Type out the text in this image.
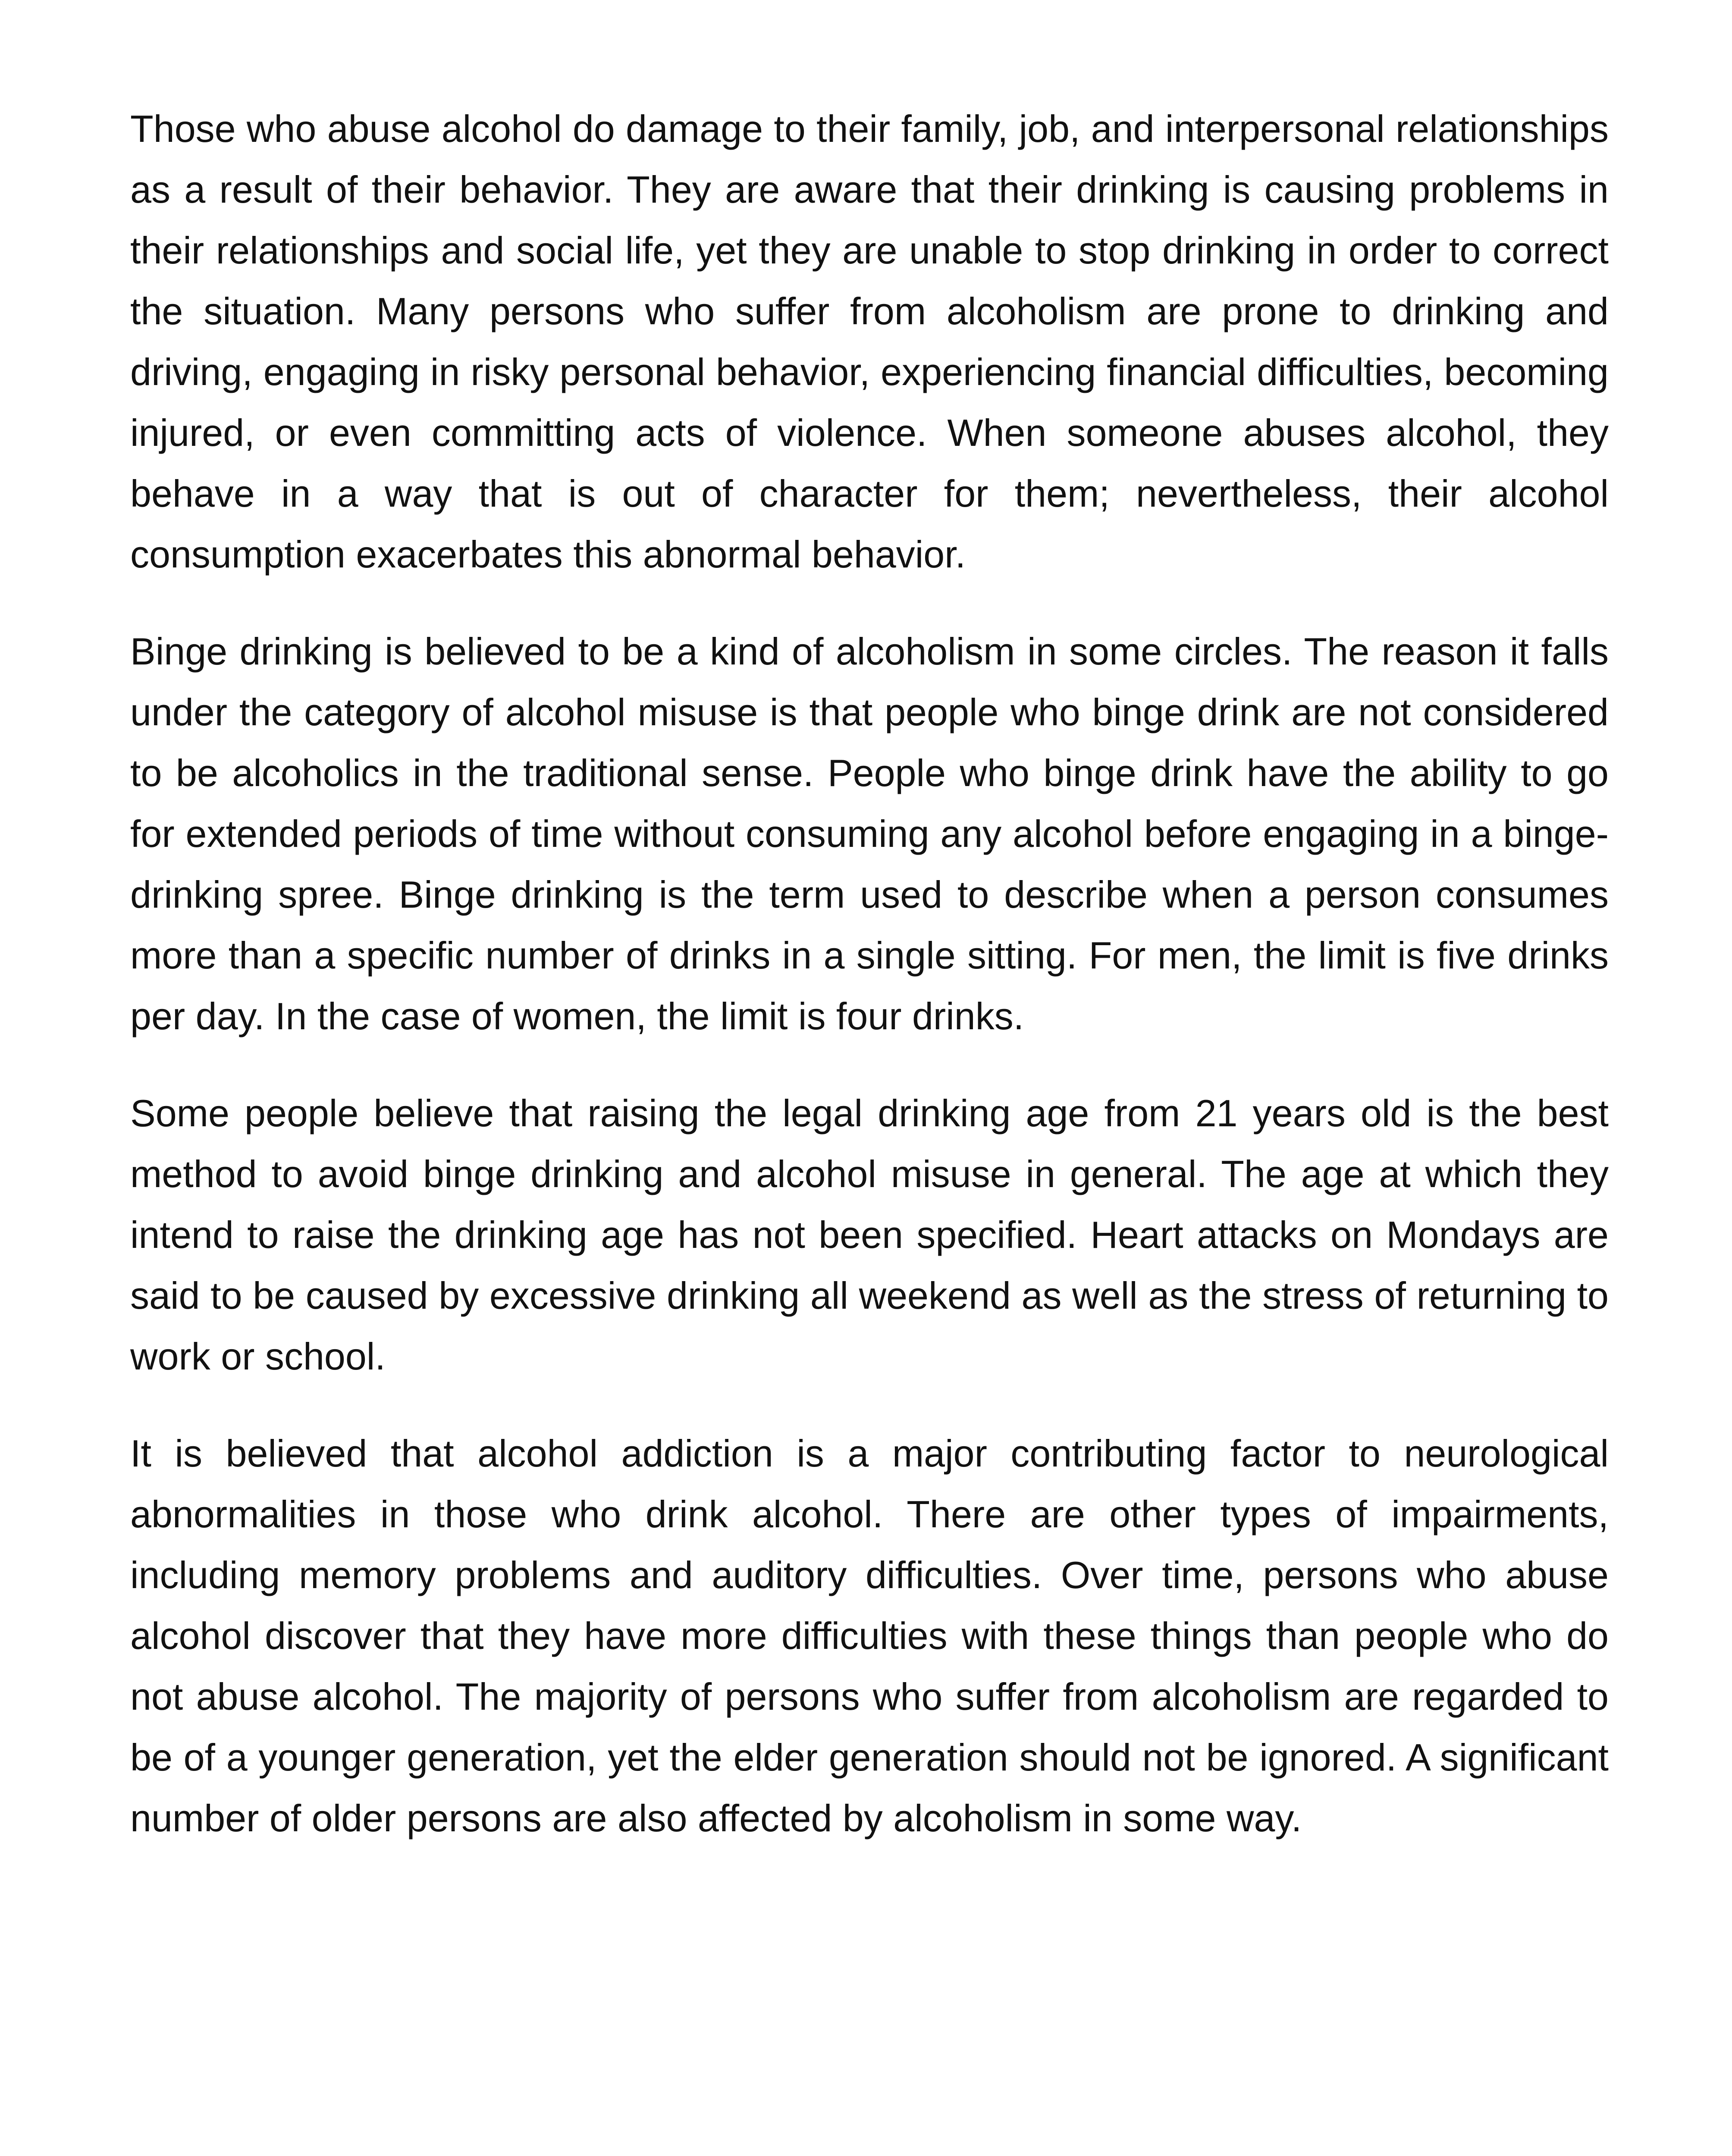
Those who abuse alcohol do damage to their family, job, and interpersonal relationships as a result of their behavior. They are aware that their drinking is causing problems in their relationships and social life, yet they are unable to stop drinking in order to correct the situation. Many persons who suffer from alcoholism are prone to drinking and driving, engaging in risky personal behavior, experiencing financial difficulties, becoming injured, or even committing acts of violence. When someone abuses alcohol, they behave in a way that is out of character for them; nevertheless, their alcohol consumption exacerbates this abnormal behavior.

Binge drinking is believed to be a kind of alcoholism in some circles. The reason it falls under the category of alcohol misuse is that people who binge drink are not considered to be alcoholics in the traditional sense. People who binge drink have the ability to go for extended periods of time without consuming any alcohol before engaging in a binge-drinking spree. Binge drinking is the term used to describe when a person consumes more than a specific number of drinks in a single sitting. For men, the limit is five drinks per day. In the case of women, the limit is four drinks.

Some people believe that raising the legal drinking age from 21 years old is the best method to avoid binge drinking and alcohol misuse in general. The age at which they intend to raise the drinking age has not been specified. Heart attacks on Mondays are said to be caused by excessive drinking all weekend as well as the stress of returning to work or school.

It is believed that alcohol addiction is a major contributing factor to neurological abnormalities in those who drink alcohol. There are other types of impairments, including memory problems and auditory difficulties. Over time, persons who abuse alcohol discover that they have more difficulties with these things than people who do not abuse alcohol. The majority of persons who suffer from alcoholism are regarded to be of a younger generation, yet the elder generation should not be ignored. A significant number of older persons are also affected by alcoholism in some way.
